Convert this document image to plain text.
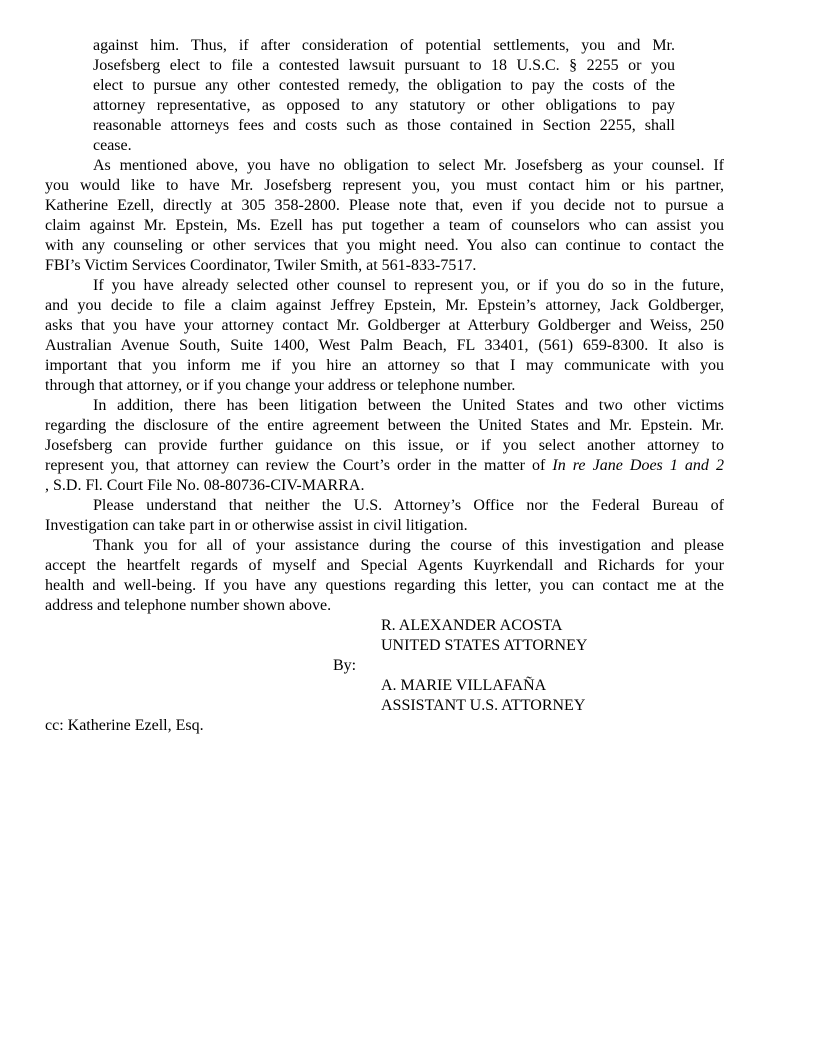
against him. Thus, if after consideration of potential settlements, you and Mr.
Josefsberg elect to file a contested lawsuit pursuant to 18 U.S.C. § 2255 or you
elect to pursue any other contested remedy, the obligation to pay the costs of the
attorney representative, as opposed to any statutory or other obligations to pay
reasonable attorneys fees and costs such as those contained in Section 2255, shall
cease.
As mentioned above, you have no obligation to select Mr. Josefsberg as your counsel. If
you would like to have Mr. Josefsberg represent you, you must contact him or his partner,
Katherine Ezell, directly at 305 358-2800. Please note that, even if you decide not to pursue a
claim against Mr. Epstein, Ms. Ezell has put together a team of counselors who can assist you
with any counseling or other services that you might need. You also can continue to contact the
FBI’s Victim Services Coordinator, Twiler Smith, at 561-833-7517.
If you have already selected other counsel to represent you, or if you do so in the future,
and you decide to file a claim against Jeffrey Epstein, Mr. Epstein’s attorney, Jack Goldberger,
asks that you have your attorney contact Mr. Goldberger at Atterbury Goldberger and Weiss, 250
Australian Avenue South, Suite 1400, West Palm Beach, FL 33401, (561) 659-8300. It also is
important that you inform me if you hire an attorney so that I may communicate with you
through that attorney, or if you change your address or telephone number.
In addition, there has been litigation between the United States and two other victims
regarding the disclosure of the entire agreement between the United States and Mr. Epstein. Mr.
Josefsberg can provide further guidance on this issue, or if you select another attorney to
represent you, that attorney can review the Court’s order in the matter of In re Jane Does 1 and 2
, S.D. Fl. Court File No. 08-80736-CIV-MARRA.
Please understand that neither the U.S. Attorney’s Office nor the Federal Bureau of
Investigation can take part in or otherwise assist in civil litigation.
Thank you for all of your assistance during the course of this investigation and please
accept the heartfelt regards of myself and Special Agents Kuyrkendall and Richards for your
health and well-being. If you have any questions regarding this letter, you can contact me at the
address and telephone number shown above.
R. ALEXANDER ACOSTA
UNITED STATES ATTORNEY
By:
A. MARIE VILLAFAÑA
ASSISTANT U.S. ATTORNEY
cc: Katherine Ezell, Esq.
